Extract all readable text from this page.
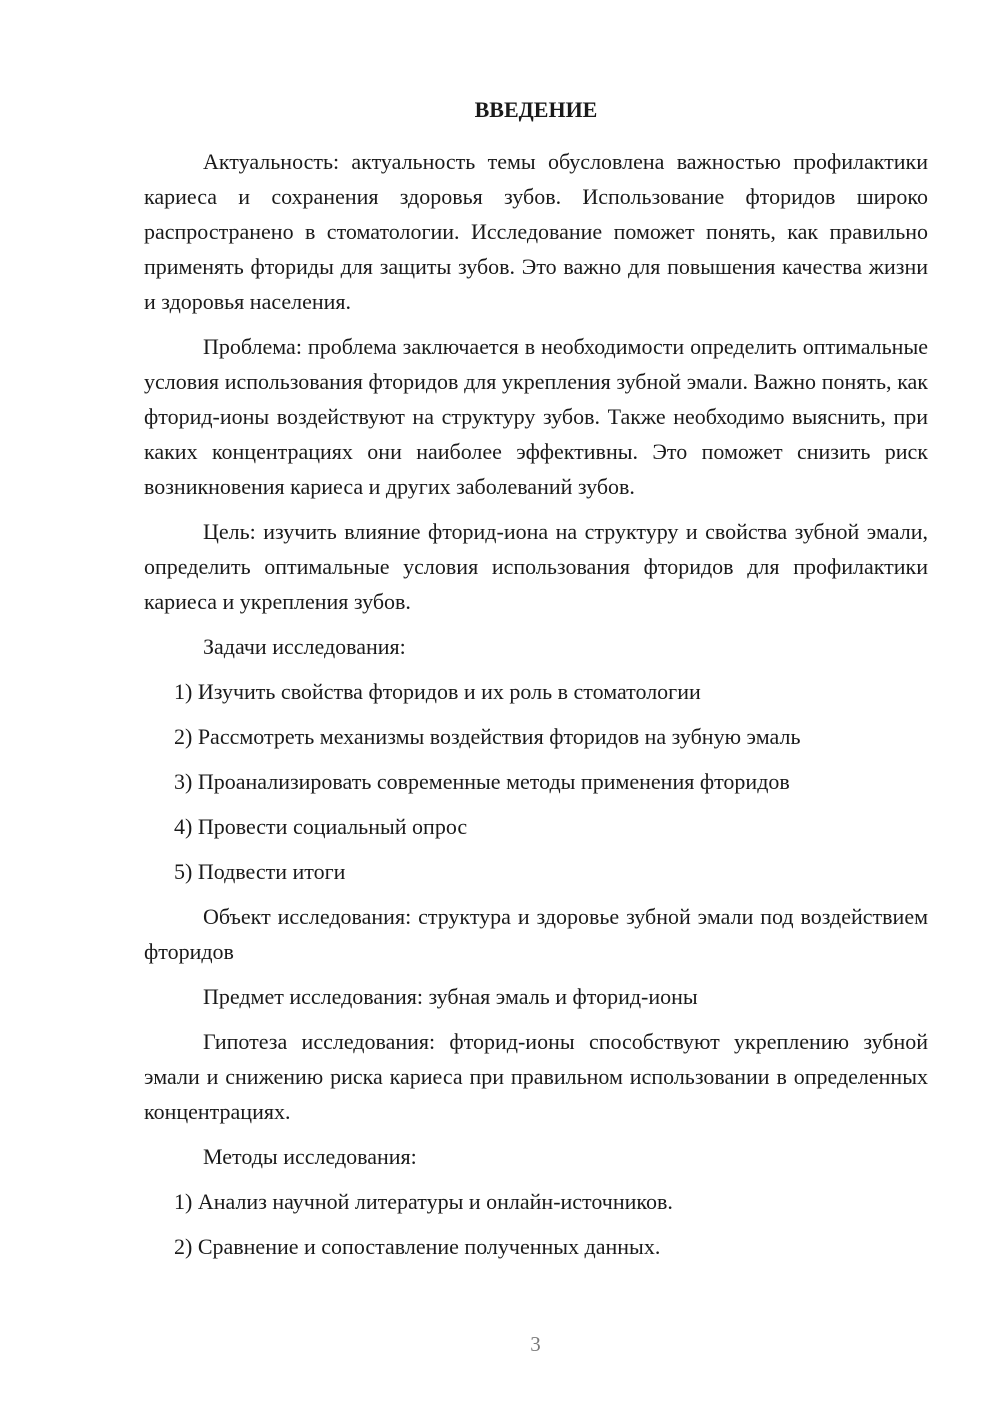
ВВЕДЕНИЕ

Актуальность: актуальность темы обусловлена важностью профилактики кариеса и сохранения здоровья зубов. Использование фторидов широко распространено в стоматологии. Исследование поможет понять, как правильно применять фториды для защиты зубов. Это важно для повышения качества жизни и здоровья населения.

Проблема: проблема заключается в необходимости определить оптимальные условия использования фторидов для укрепления зубной эмали. Важно понять, как фторид-ионы воздействуют на структуру зубов. Также необходимо выяснить, при каких концентрациях они наиболее эффективны. Это поможет снизить риск возникновения кариеса и других заболеваний зубов.

Цель: изучить влияние фторид-иона на структуру и свойства зубной эмали, определить оптимальные условия использования фторидов для профилактики кариеса и укрепления зубов.

Задачи исследования:

1) Изучить свойства фторидов и их роль в стоматологии
2) Рассмотреть механизмы воздействия фторидов на зубную эмаль
3) Проанализировать современные методы применения фторидов
4) Провести социальный опрос
5) Подвести итоги

Объект исследования: структура и здоровье зубной эмали под воздействием фторидов

Предмет исследования: зубная эмаль и фторид-ионы

Гипотеза исследования: фторид-ионы способствуют укреплению зубной эмали и снижению риска кариеса при правильном использовании в определенных концентрациях.

Методы исследования:

1) Анализ научной литературы и онлайн-источников.
2) Сравнение и сопоставление полученных данных.
3
